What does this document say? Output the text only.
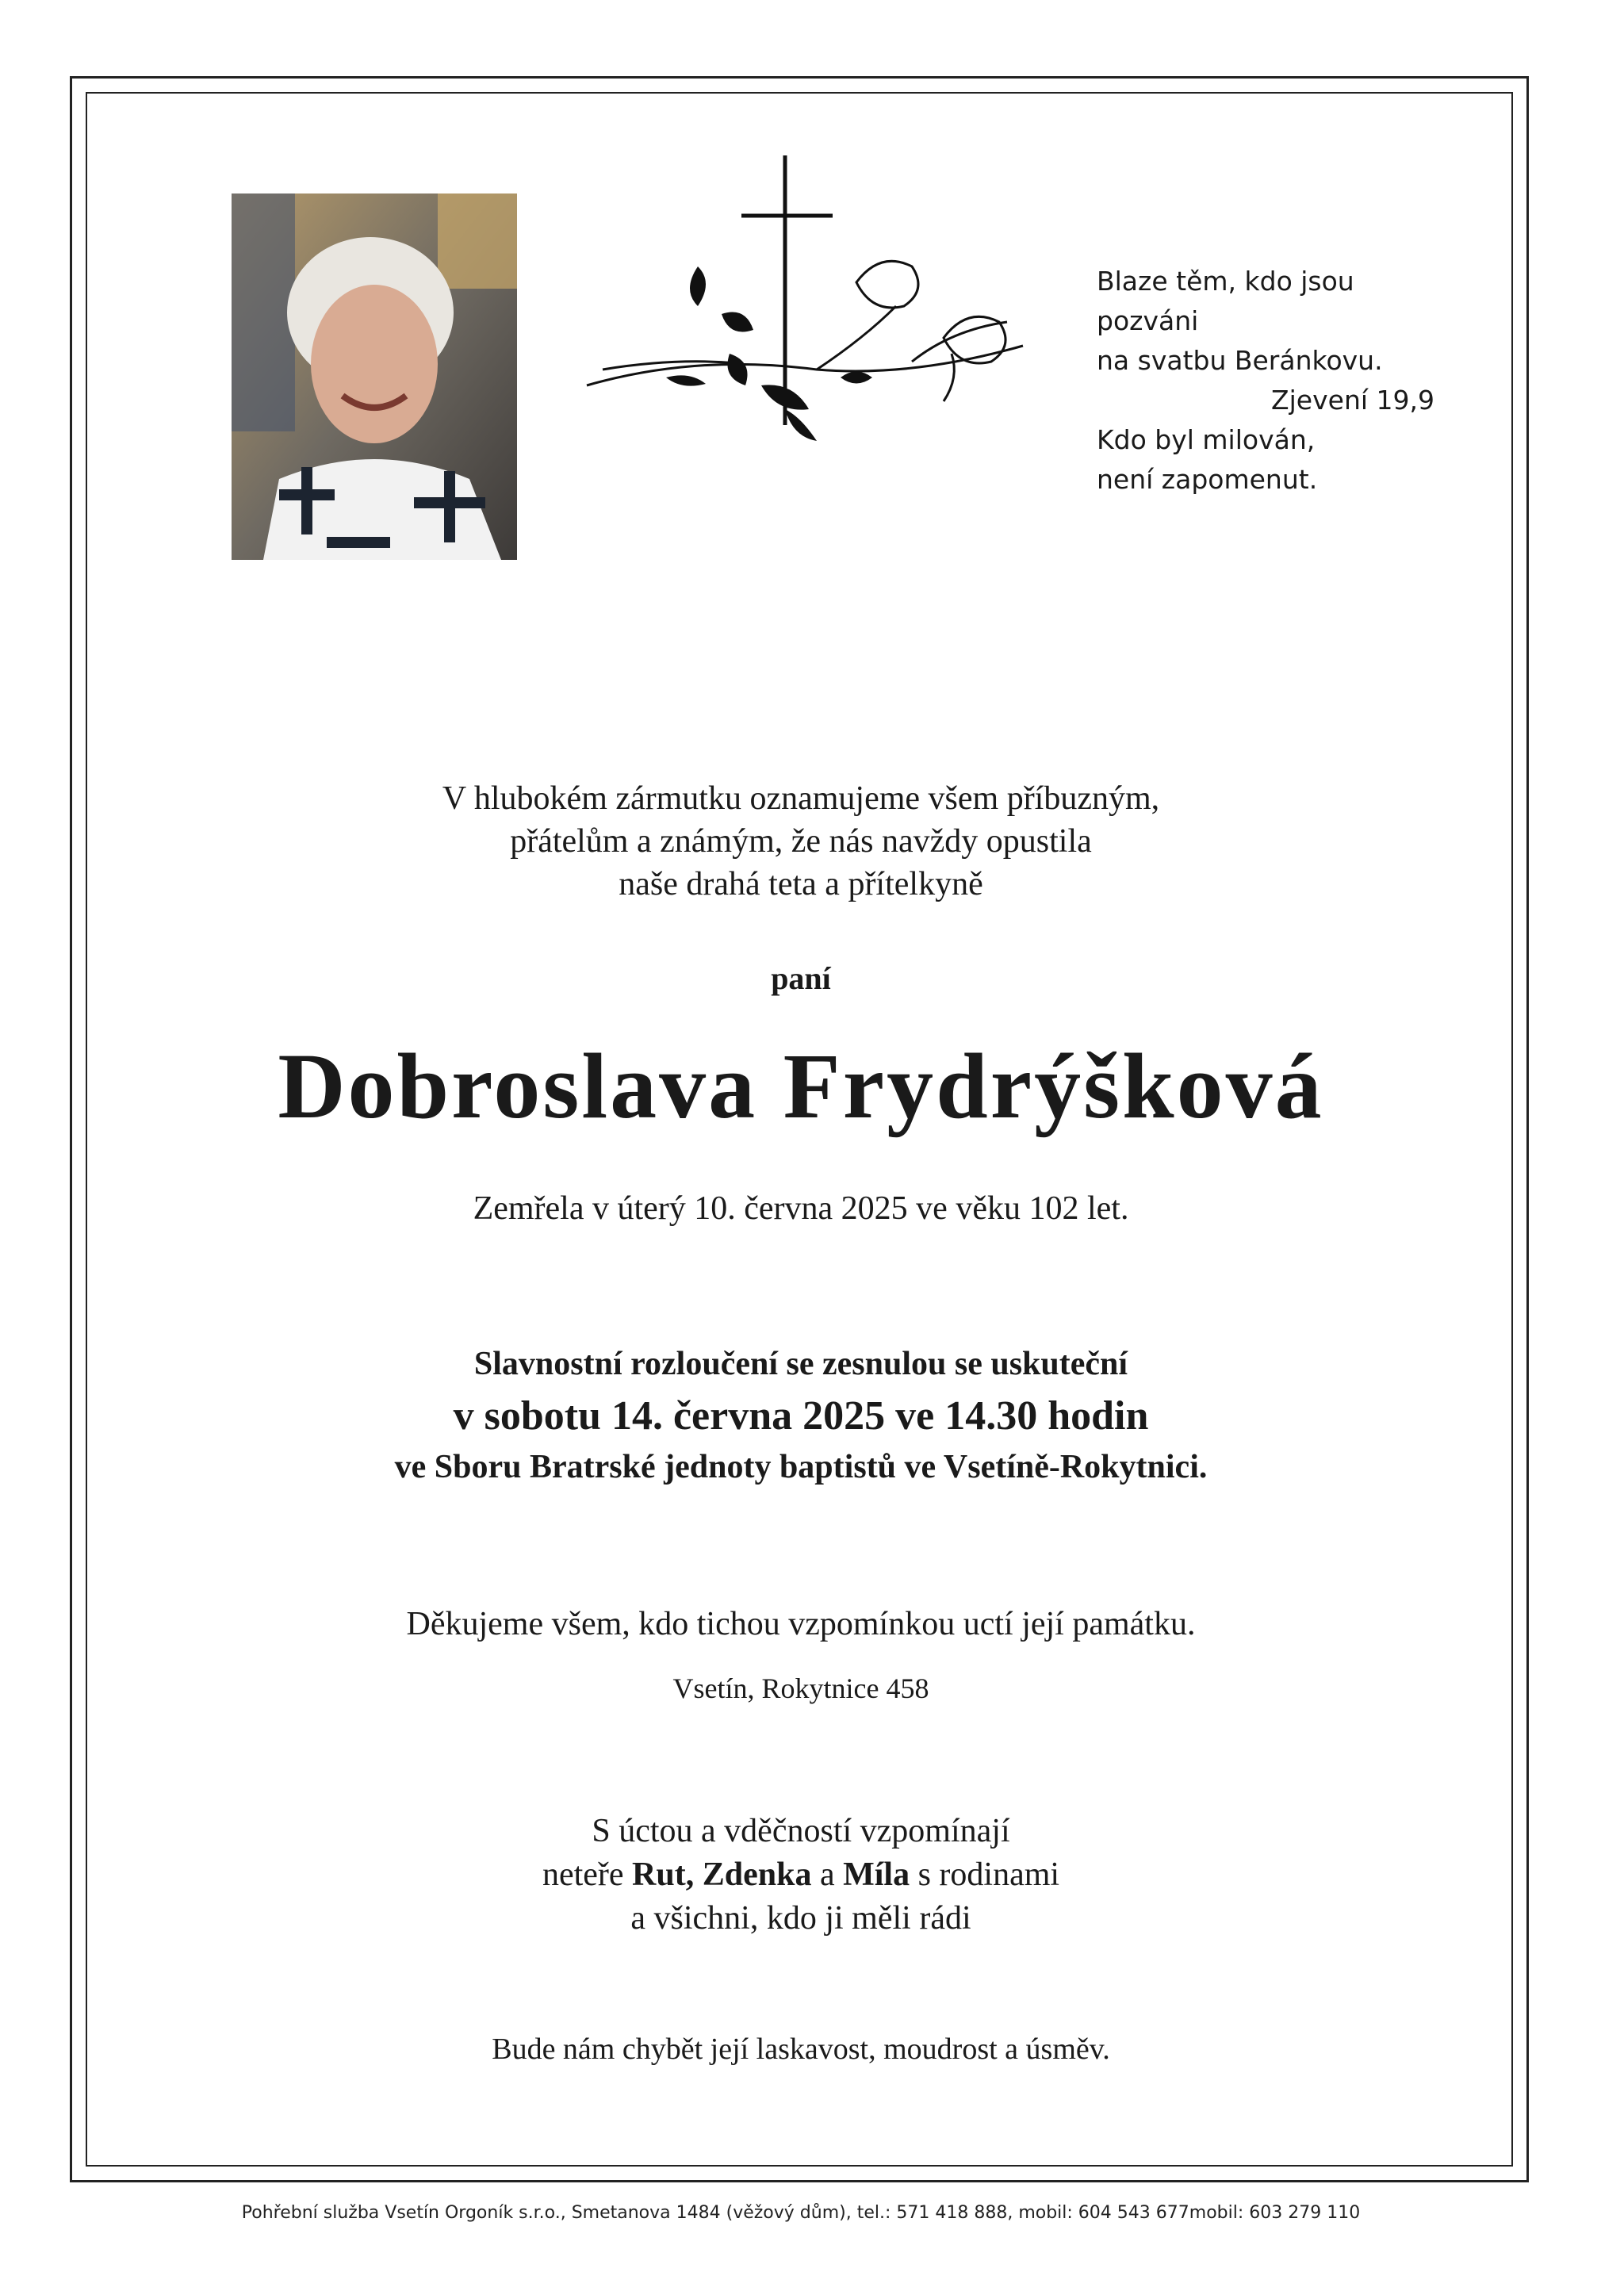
Blaze těm, kdo jsou pozváni
na svatbu Beránkovu.
Zjevení 19,9
Kdo byl milován,
není zapomenut.
V hlubokém zármutku oznamujeme všem příbuzným,
přátelům a známým, že nás navždy opustila
naše drahá teta a přítelkyně
paní
Dobroslava Frydrýšková
Zemřela v úterý 10. června 2025 ve věku 102 let.
Slavnostní rozloučení se zesnulou se uskuteční
v sobotu 14. června 2025 ve 14.30 hodin
ve Sboru Bratrské jednoty baptistů ve Vsetíně-Rokytnici.
Děkujeme všem, kdo tichou vzpomínkou uctí její památku.
Vsetín, Rokytnice 458
S úctou a vděčností vzpomínají
neteře Rut, Zdenka a Míla s rodinami
a všichni, kdo ji měli rádi
Bude nám chybět její laskavost, moudrost a úsměv.
Pohřební služba Vsetín Orgoník s.r.o., Smetanova 1484 (věžový dům), tel.: 571 418 888, mobil: 604 543 677mobil: 603 279 110
